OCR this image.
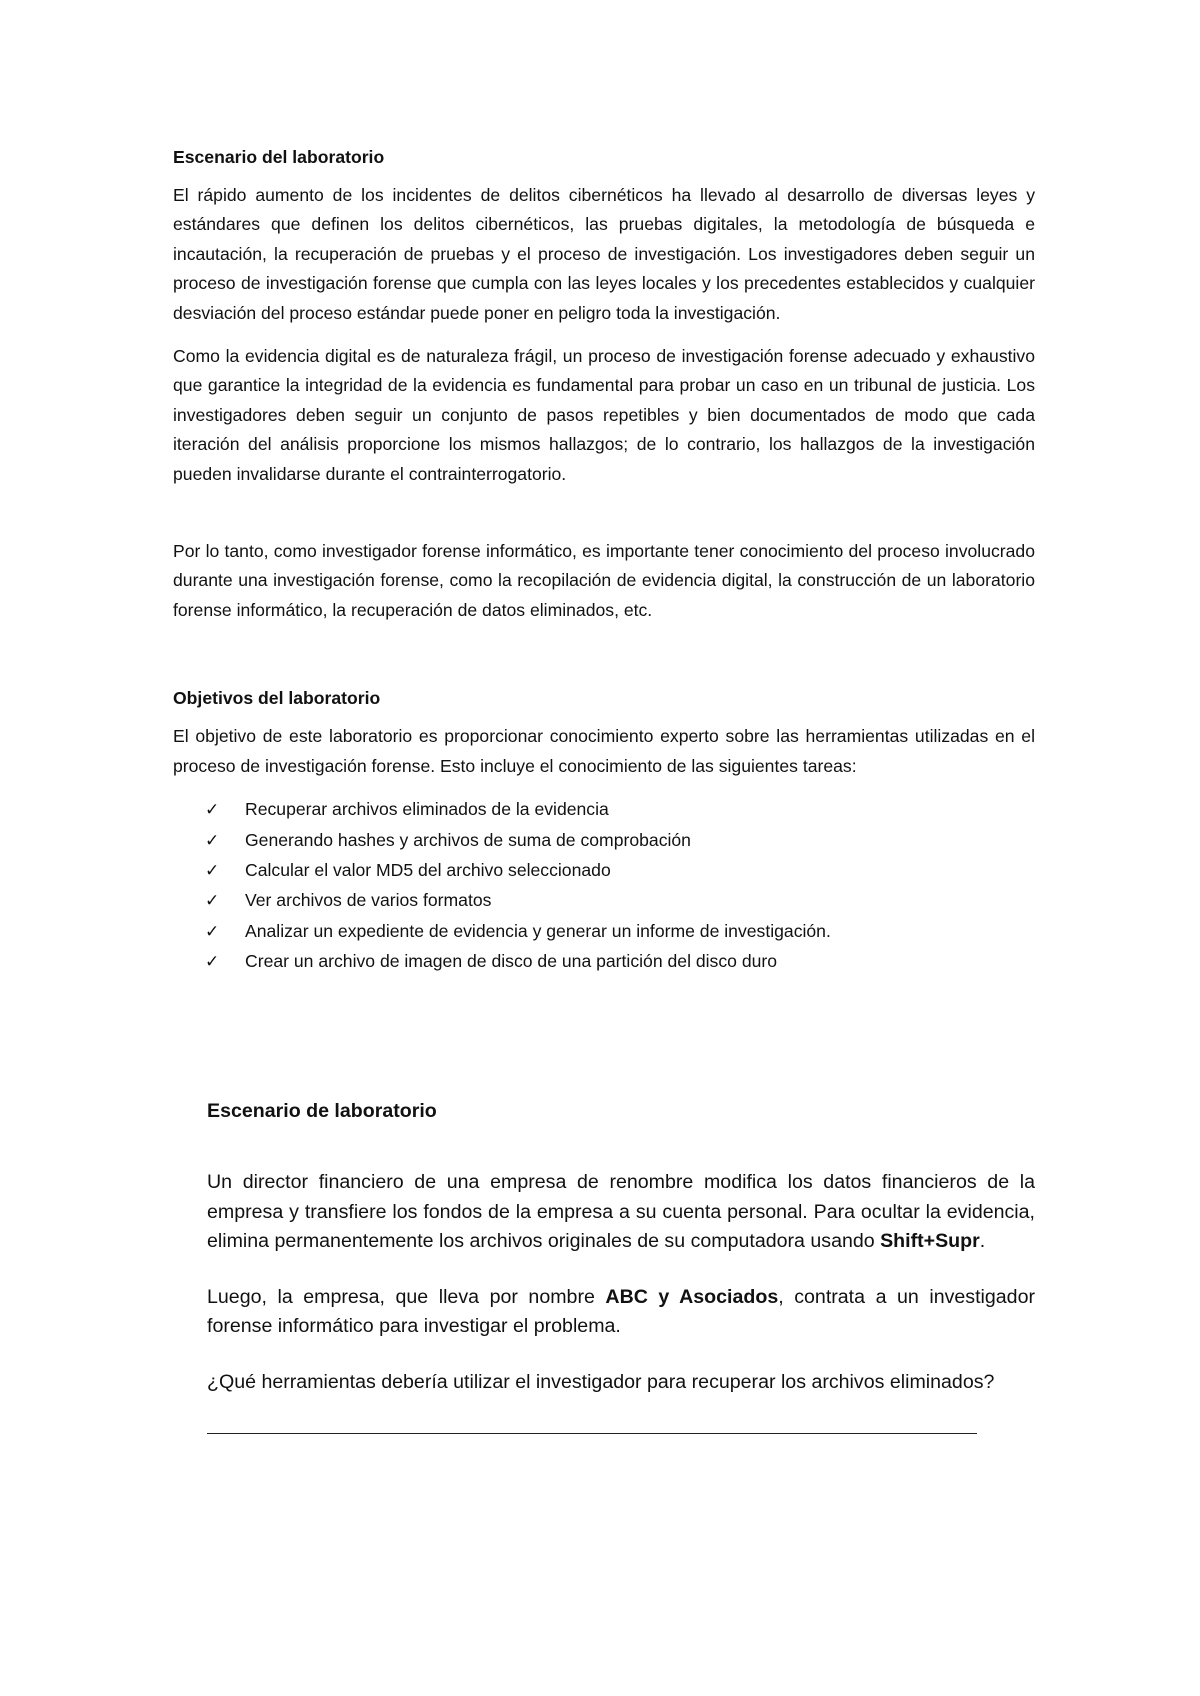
Escenario del laboratorio

El rápido aumento de los incidentes de delitos cibernéticos ha llevado al desarrollo de diversas leyes y estándares que definen los delitos cibernéticos, las pruebas digitales, la metodología de búsqueda e incautación, la recuperación de pruebas y el proceso de investigación. Los investigadores deben seguir un proceso de investigación forense que cumpla con las leyes locales y los precedentes establecidos y cualquier desviación del proceso estándar puede poner en peligro toda la investigación.

Como la evidencia digital es de naturaleza frágil, un proceso de investigación forense adecuado y exhaustivo que garantice la integridad de la evidencia es fundamental para probar un caso en un tribunal de justicia. Los investigadores deben seguir un conjunto de pasos repetibles y bien documentados de modo que cada iteración del análisis proporcione los mismos hallazgos; de lo contrario, los hallazgos de la investigación pueden invalidarse durante el contrainterrogatorio.

Por lo tanto, como investigador forense informático, es importante tener conocimiento del proceso involucrado durante una investigación forense, como la recopilación de evidencia digital, la construcción de un laboratorio forense informático, la recuperación de datos eliminados, etc.

Objetivos del laboratorio

El objetivo de este laboratorio es proporcionar conocimiento experto sobre las herramientas utilizadas en el proceso de investigación forense. Esto incluye el conocimiento de las siguientes tareas:

✓	Recuperar archivos eliminados de la evidencia
✓	Generando hashes y archivos de suma de comprobación
✓	Calcular el valor MD5 del archivo seleccionado
✓	Ver archivos de varios formatos
✓	Analizar un expediente de evidencia y generar un informe de investigación.
✓	Crear un archivo de imagen de disco de una partición del disco duro
Escenario de laboratorio

Un director financiero de una empresa de renombre modifica los datos financieros de la empresa y transfiere los fondos de la empresa a su cuenta personal. Para ocultar la evidencia, elimina permanentemente los archivos originales de su computadora usando Shift+Supr.

Luego, la empresa, que lleva por nombre ABC y Asociados, contrata a un investigador forense informático para investigar el problema.

¿Qué herramientas debería utilizar el investigador para recuperar los archivos eliminados?
